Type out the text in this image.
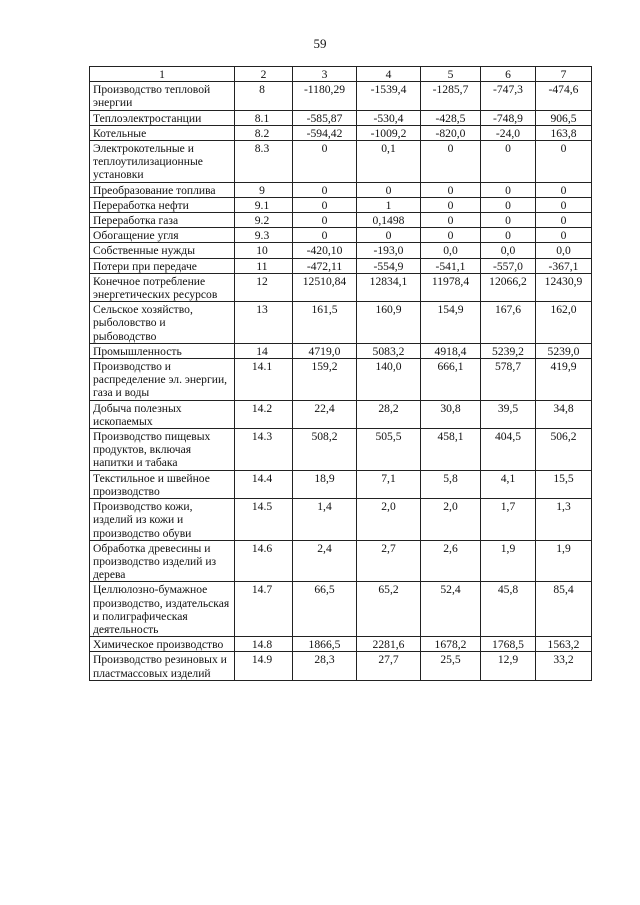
59
1	2	3	4	5	6	7
Производство тепловой энергии	8	-1180,29	-1539,4	-1285,7	-747,3	-474,6
Теплоэлектростанции	8.1	-585,87	-530,4	-428,5	-748,9	906,5
Котельные	8.2	-594,42	-1009,2	-820,0	-24,0	163,8
Электрокотельные и теплоутилизационные установки	8.3	0	0,1	0	0	0
Преобразование топлива	9	0	0	0	0	0
Переработка нефти	9.1	0	1	0	0	0
Переработка газа	9.2	0	0,1498	0	0	0
Обогащение угля	9.3	0	0	0	0	0
Собственные нужды	10	-420,10	-193,0	0,0	0,0	0,0
Потери при передаче	11	-472,11	-554,9	-541,1	-557,0	-367,1
Конечное потребление энергетических ресурсов	12	12510,84	12834,1	11978,4	12066,2	12430,9
Сельское хозяйство, рыболовство и рыбоводство	13	161,5	160,9	154,9	167,6	162,0
Промышленность	14	4719,0	5083,2	4918,4	5239,2	5239,0
Производство и распределение эл. энергии, газа и воды	14.1	159,2	140,0	666,1	578,7	419,9
Добыча полезных ископаемых	14.2	22,4	28,2	30,8	39,5	34,8
Производство пищевых продуктов, включая напитки и табака	14.3	508,2	505,5	458,1	404,5	506,2
Текстильное и швейное производство	14.4	18,9	7,1	5,8	4,1	15,5
Производство кожи, изделий из кожи и производство обуви	14.5	1,4	2,0	2,0	1,7	1,3
Обработка древесины и производство изделий из дерева	14.6	2,4	2,7	2,6	1,9	1,9
Целлюлозно-бумажное производство, издательская и полиграфическая деятельность	14.7	66,5	65,2	52,4	45,8	85,4
Химическое производство	14.8	1866,5	2281,6	1678,2	1768,5	1563,2
Производство резиновых и пластмассовых изделий	14.9	28,3	27,7	25,5	12,9	33,2
